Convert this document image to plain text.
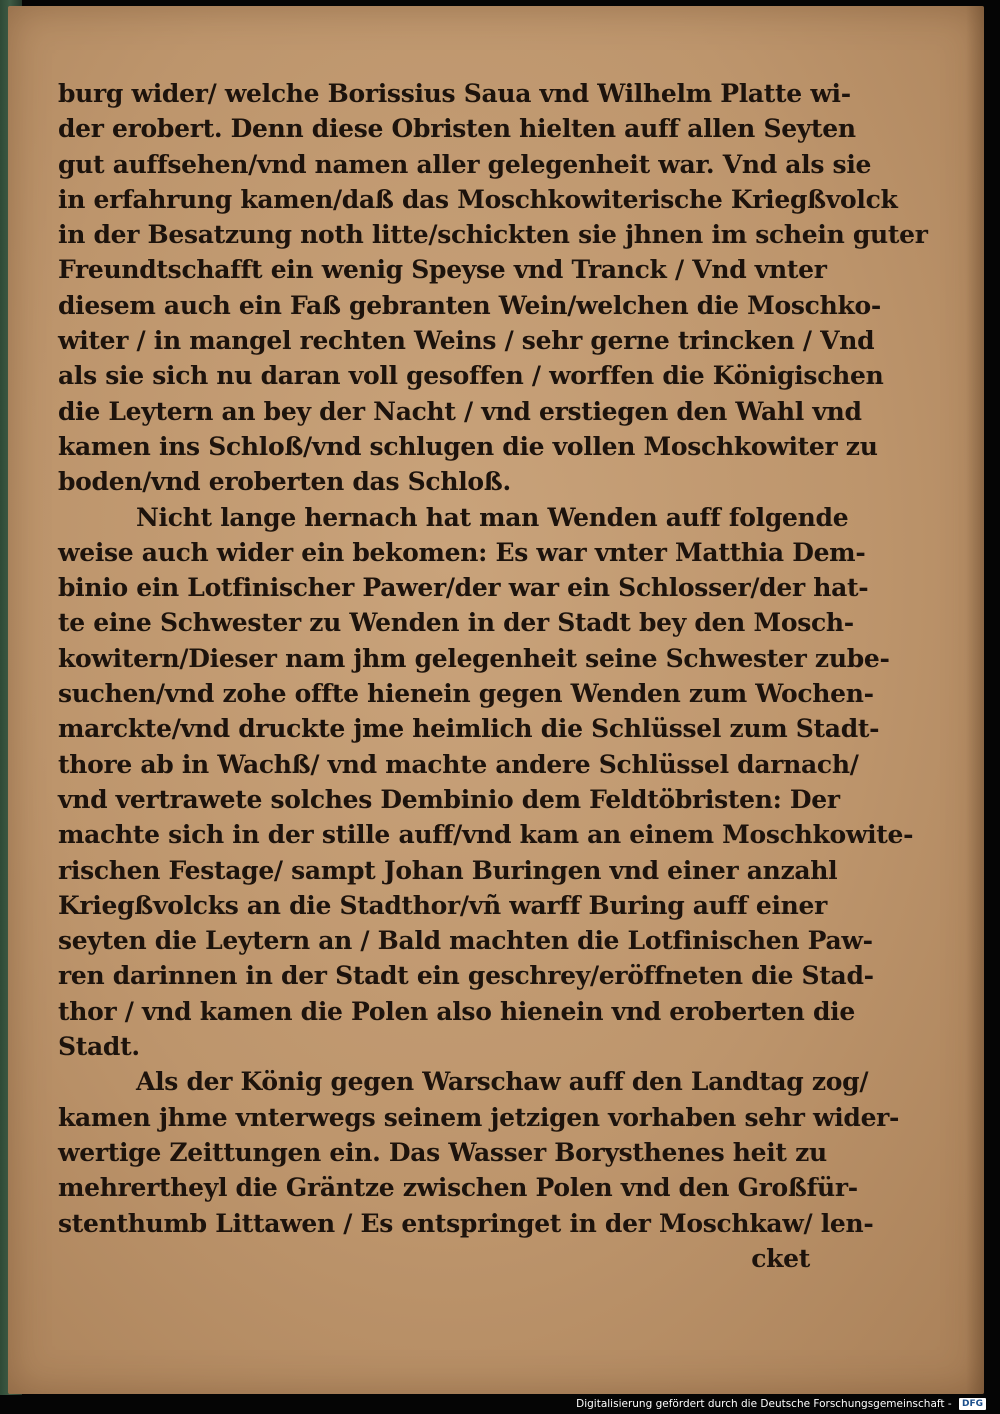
burg wider/ welche Borissius Saua vnd Wilhelm Platte wi-
der erobert. Denn diese Obristen hielten auff allen Seyten
gut auffsehen/vnd namen aller gelegenheit war. Vnd als sie
in erfahrung kamen/daß das Moschkowiterische Kriegßvolck
in der Besatzung noth litte/schickten sie jhnen im schein guter
Freundtschafft ein wenig Speyse vnd Tranck / Vnd vnter
diesem auch ein Faß gebranten Wein/welchen die Moschko-
witer / in mangel rechten Weins / sehr gerne trincken / Vnd
als sie sich nu daran voll gesoffen / worffen die Königischen
die Leytern an bey der Nacht / vnd erstiegen den Wahl vnd
kamen ins Schloß/vnd schlugen die vollen Moschkowiter zu
boden/vnd eroberten das Schloß.
Nicht lange hernach hat man Wenden auff folgende
weise auch wider ein bekomen: Es war vnter Matthia Dem-
binio ein Lotfinischer Pawer/der war ein Schlosser/der hat-
te eine Schwester zu Wenden in der Stadt bey den Mosch-
kowitern/Dieser nam jhm gelegenheit seine Schwester zube-
suchen/vnd zohe offte hienein gegen Wenden zum Wochen-
marckte/vnd druckte jme heimlich die Schlüssel zum Stadt-
thore ab in Wachß/ vnd machte andere Schlüssel darnach/
vnd vertrawete solches Dembinio dem Feldtöbristen: Der
machte sich in der stille auff/vnd kam an einem Moschkowite-
rischen Festage/ sampt Johan Buringen vnd einer anzahl
Kriegßvolcks an die Stadthor/vñ warff Buring auff einer
seyten die Leytern an / Bald machten die Lotfinischen Paw-
ren darinnen in der Stadt ein geschrey/eröffneten die Stad-
thor / vnd kamen die Polen also hienein vnd eroberten die
Stadt.
Als der König gegen Warschaw auff den Landtag zog/
kamen jhme vnterwegs seinem jetzigen vorhaben sehr wider-
wertige Zeittungen ein. Das Wasser Borysthenes heit zu
mehrertheyl die Gräntze zwischen Polen vnd den Großfür-
stenthumb Littawen / Es entspringet in der Moschkaw/ len-
cket
Digitalisierung gefördert durch die Deutsche Forschungsgemeinschaft - DFG
